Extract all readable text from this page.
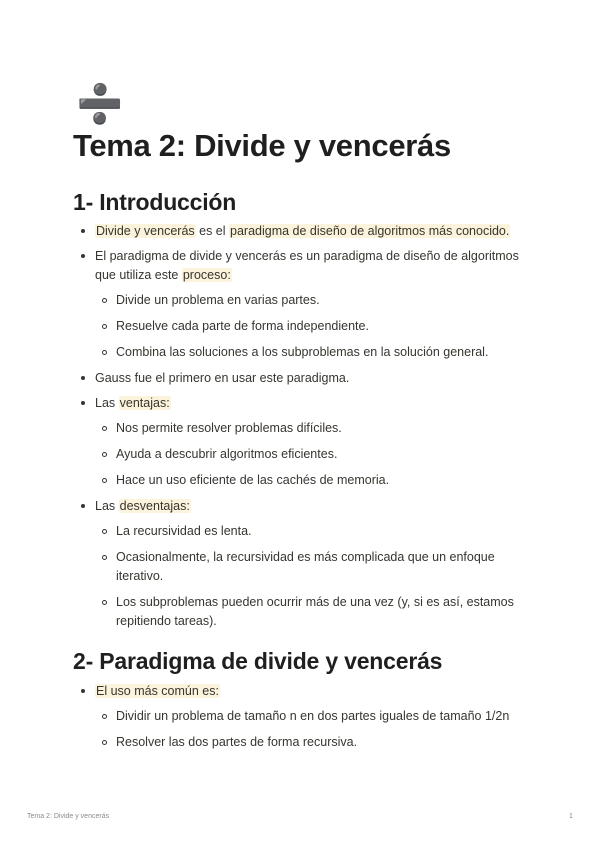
➗
Tema 2: Divide y vencerás
1- Introducción
Divide y vencerás es el paradigma de diseño de algoritmos más conocido.
El paradigma de divide y vencerás es un paradigma de diseño de algoritmos que utiliza este proceso:
Divide un problema en varias partes.
Resuelve cada parte de forma independiente.
Combina las soluciones a los subproblemas en la solución general.
Gauss fue el primero en usar este paradigma.
Las ventajas:
Nos permite resolver problemas difíciles.
Ayuda a descubrir algoritmos eficientes.
Hace un uso eficiente de las cachés de memoria.
Las desventajas:
La recursividad es lenta.
Ocasionalmente, la recursividad es más complicada que un enfoque iterativo.
Los subproblemas pueden ocurrir más de una vez (y, si es así, estamos repitiendo tareas).
2- Paradigma de divide y vencerás
El uso más común es:
Dividir un problema de tamaño n en dos partes iguales de tamaño 1/2n
Resolver las dos partes de forma recursiva.
Tema 2: Divide y vencerás	1
